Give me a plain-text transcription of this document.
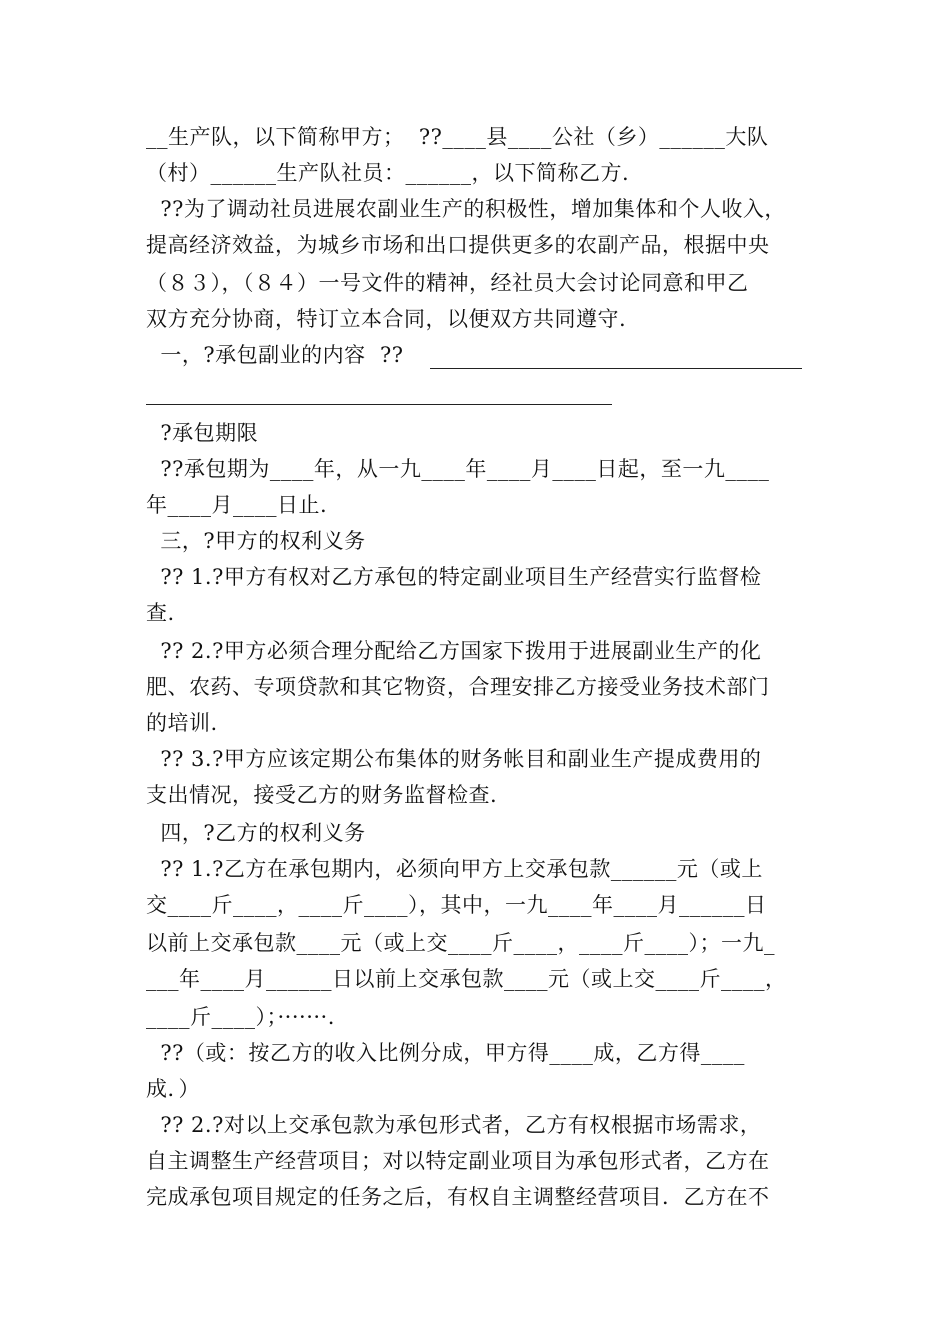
__生产队，以下简称甲方；  ??____县____公社（乡）______大队
（村）______生产队社员：______，以下简称乙方.
??为了调动社员进展农副业生产的积极性，增加集体和个人收入，
提高经济效益，为城乡市场和出口提供更多的农副产品，根据中央
（８３），（８４）一号文件的精神，经社员大会讨论同意和甲乙
双方充分协商，特订立本合同，以便双方共同遵守.
一，?承包副业的内容  ??
?承包期限
??承包期为____年，从一九____年____月____日起，至一九____
年____月____日止.
三，?甲方的权利义务
?? 1.?甲方有权对乙方承包的特定副业项目生产经营实行监督检
查.
?? 2.?甲方必须合理分配给乙方国家下拨用于进展副业生产的化
肥、农药、专项贷款和其它物资，合理安排乙方接受业务技术部门
的培训.
?? 3.?甲方应该定期公布集体的财务帐目和副业生产提成费用的
支出情况，接受乙方的财务监督检查.
四，?乙方的权利义务
?? 1.?乙方在承包期内，必须向甲方上交承包款______元（或上
交____斤____，____斤____），其中，一九____年____月______日
以前上交承包款____元（或上交____斤____，____斤____）；一九_
___年____月______日以前上交承包款____元（或上交____斤____，
____斤____）；·······.
??（或：按乙方的收入比例分成，甲方得____成，乙方得____
成．）
?? 2.?对以上交承包款为承包形式者，乙方有权根据市场需求，
自主调整生产经营项目；对以特定副业项目为承包形式者，乙方在
完成承包项目规定的任务之后，有权自主调整经营项目．乙方在不
